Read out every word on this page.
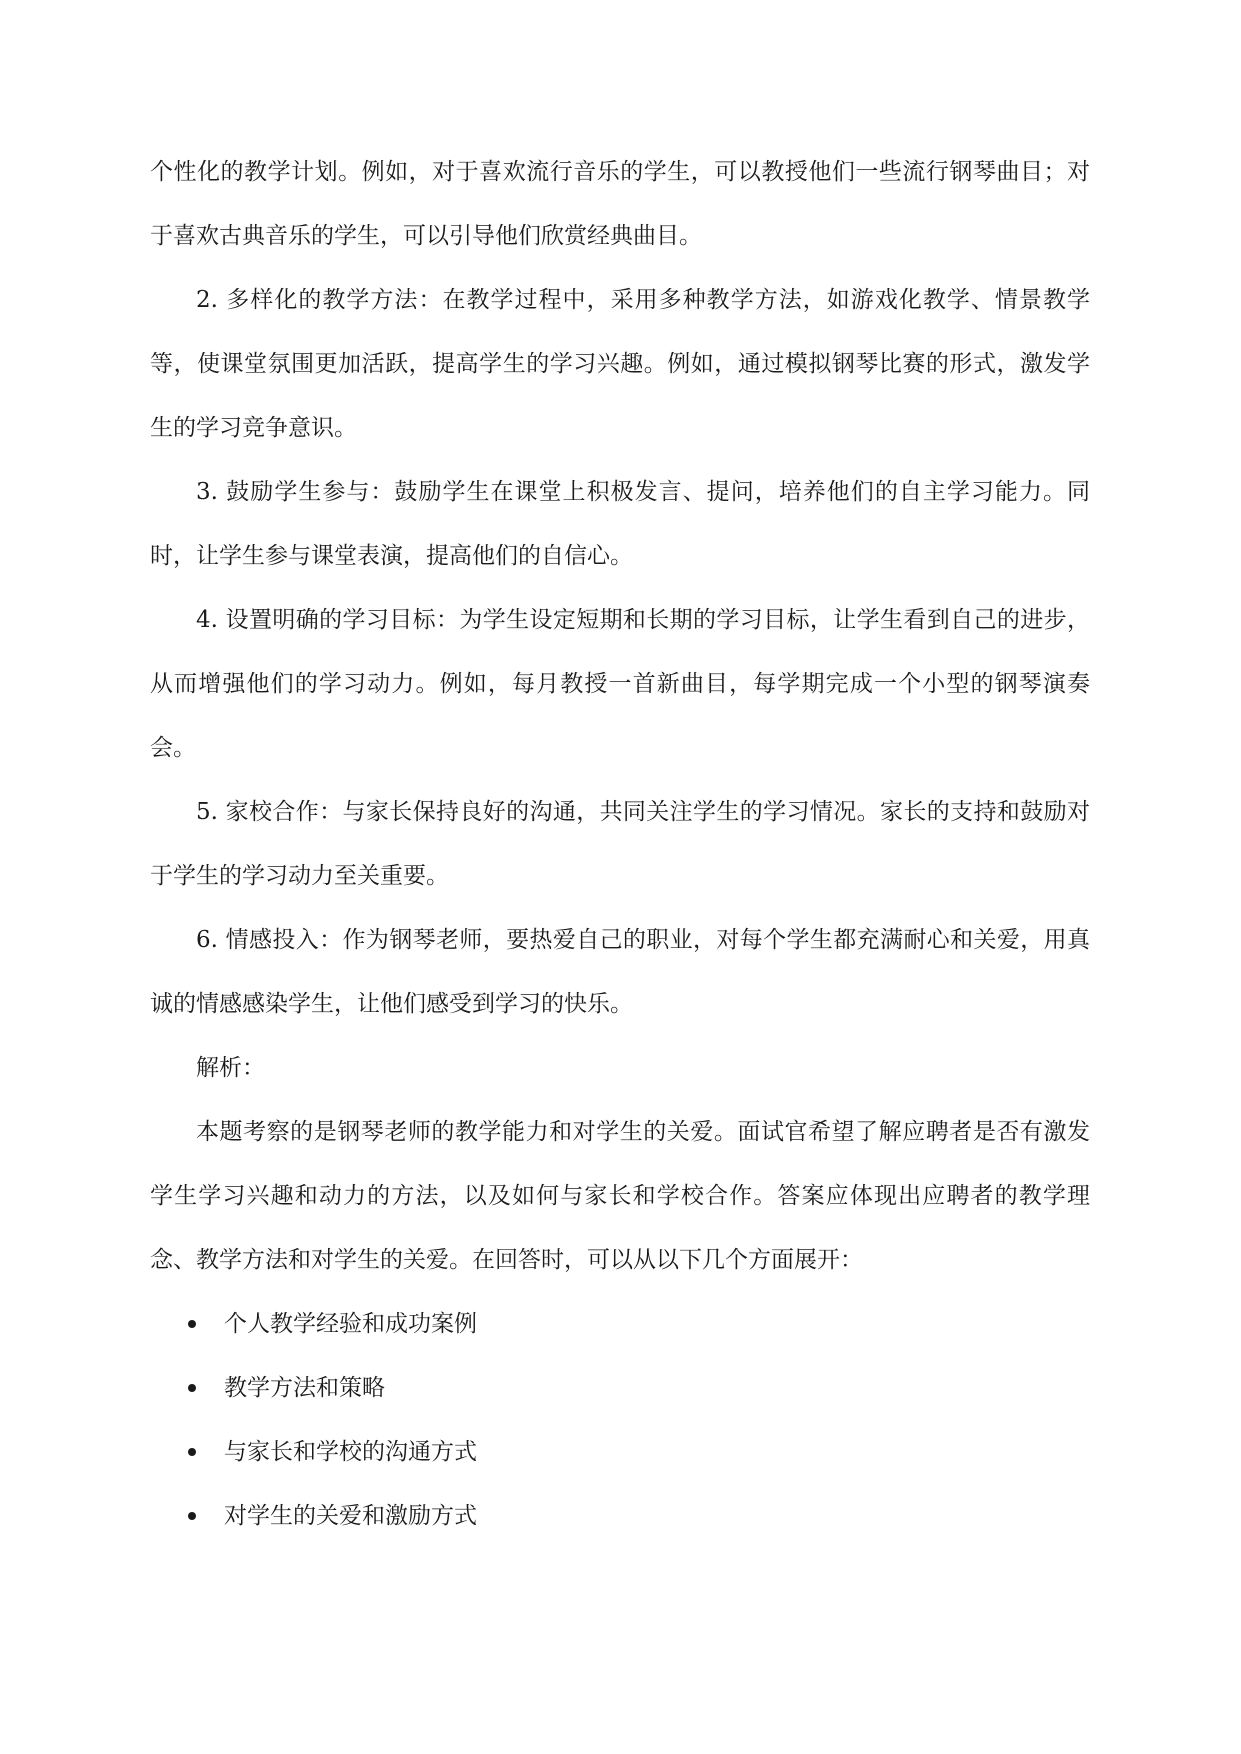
个性化的教学计划。例如，对于喜欢流行音乐的学生，可以教授他们一些流行钢琴曲目；对于喜欢古典音乐的学生，可以引导他们欣赏经典曲目。

2. 多样化的教学方法：在教学过程中，采用多种教学方法，如游戏化教学、情景教学等，使课堂氛围更加活跃，提高学生的学习兴趣。例如，通过模拟钢琴比赛的形式，激发学生的学习竞争意识。

3. 鼓励学生参与：鼓励学生在课堂上积极发言、提问，培养他们的自主学习能力。同时，让学生参与课堂表演，提高他们的自信心。

4. 设置明确的学习目标：为学生设定短期和长期的学习目标，让学生看到自己的进步，从而增强他们的学习动力。例如，每月教授一首新曲目，每学期完成一个小型的钢琴演奏会。

5. 家校合作：与家长保持良好的沟通，共同关注学生的学习情况。家长的支持和鼓励对于学生的学习动力至关重要。

6. 情感投入：作为钢琴老师，要热爱自己的职业，对每个学生都充满耐心和关爱，用真诚的情感感染学生，让他们感受到学习的快乐。

解析：

本题考察的是钢琴老师的教学能力和对学生的关爱。面试官希望了解应聘者是否有激发学生学习兴趣和动力的方法，以及如何与家长和学校合作。答案应体现出应聘者的教学理念、教学方法和对学生的关爱。在回答时，可以从以下几个方面展开：

个人教学经验和成功案例
教学方法和策略
与家长和学校的沟通方式
对学生的关爱和激励方式
